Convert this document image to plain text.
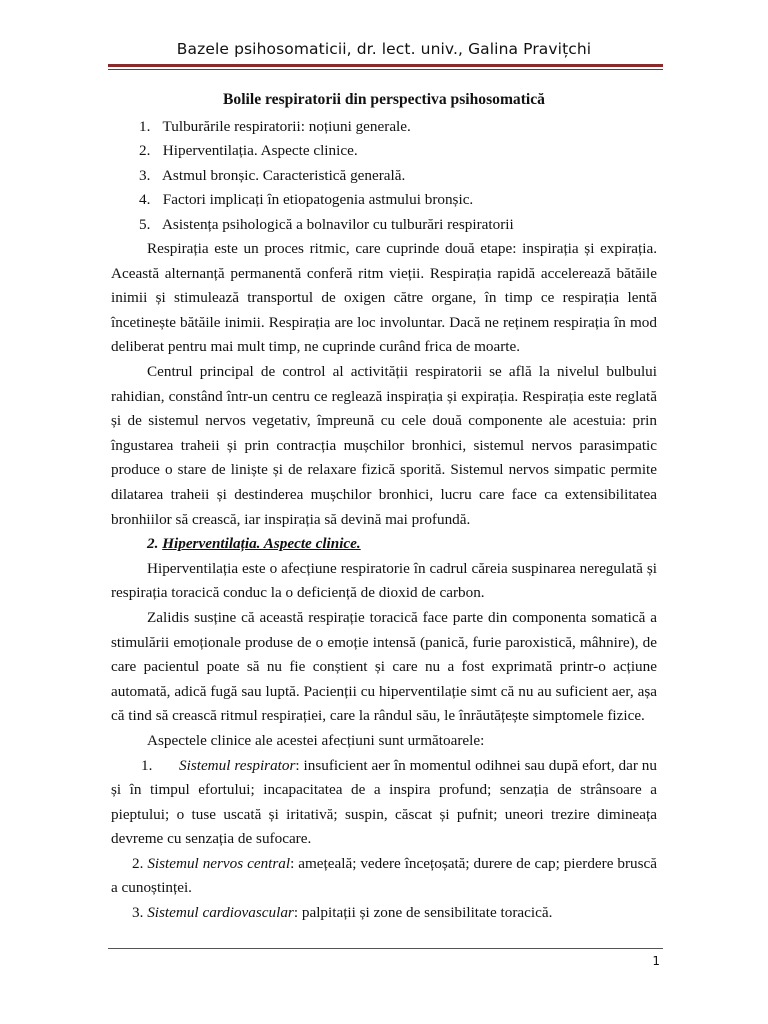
Bazele psihosomaticii, dr. lect. univ., Galina Pravițchi
Bolile respiratorii din perspectiva psihosomatică
1. Tulburările respiratorii: noțiuni generale.
2. Hiperventilația. Aspecte clinice.
3. Astmul bronșic. Caracteristică generală.
4. Factori implicați în etiopatogenia astmului bronșic.
5. Asistența psihologică a bolnavilor cu tulburări respiratorii

Respirația este un proces ritmic, care cuprinde două etape: inspirația și expirația. Această alternanță permanentă conferă ritm vieții. Respirația rapidă accelerează bătăile inimii și stimulează transportul de oxigen către organe, în timp ce respirația lentă încetinește bătăile inimii. Respirația are loc involuntar. Dacă ne reținem respirația în mod deliberat pentru mai mult timp, ne cuprinde curând frica de moarte.

Centrul principal de control al activității respiratorii se află la nivelul bulbului rahidian, constând într-un centru ce reglează inspirația și expirația. Respirația este reglată și de sistemul nervos vegetativ, împreună cu cele două componente ale acestuia: prin îngustarea traheii și prin contracția mușchilor bronhici, sistemul nervos parasimpatic produce o stare de liniște și de relaxare fizică sporită. Sistemul nervos simpatic permite dilatarea traheii și destinderea mușchilor bronhici, lucru care face ca extensibilitatea bronhiilor să crească, iar inspirația să devină mai profundă.

2. Hiperventilația. Aspecte clinice.

Hiperventilația este o afecțiune respiratorie în cadrul căreia suspinarea neregulată și respirația toracică conduc la o deficiență de dioxid de carbon.

Zalidis susține că această respirație toracică face parte din componenta somatică a stimulării emoționale produse de o emoție intensă (panică, furie paroxistică, mâhnire), de care pacientul poate să nu fie conștient și care nu a fost exprimată printr-o acțiune automată, adică fugă sau luptă. Pacienții cu hiperventilație simt că nu au suficient aer, așa că tind să crească ritmul respirației, care la rândul său, le înrăutățește simptomele fizice.

Aspectele clinice ale acestei afecțiuni sunt următoarele:

1. Sistemul respirator: insuficient aer în momentul odihnei sau după efort, dar nu și în timpul efortului; incapacitatea de a inspira profund; senzația de strânsoare a pieptului; o tuse uscată și iritativă; suspin, căscat și pufnit; uneori trezire dimineața devreme cu senzația de sufocare.
2. Sistemul nervos central: amețeală; vedere încețoșată; durere de cap; pierdere bruscă a cunoștinței.
3. Sistemul cardiovascular: palpitații și zone de sensibilitate toracică.
1
